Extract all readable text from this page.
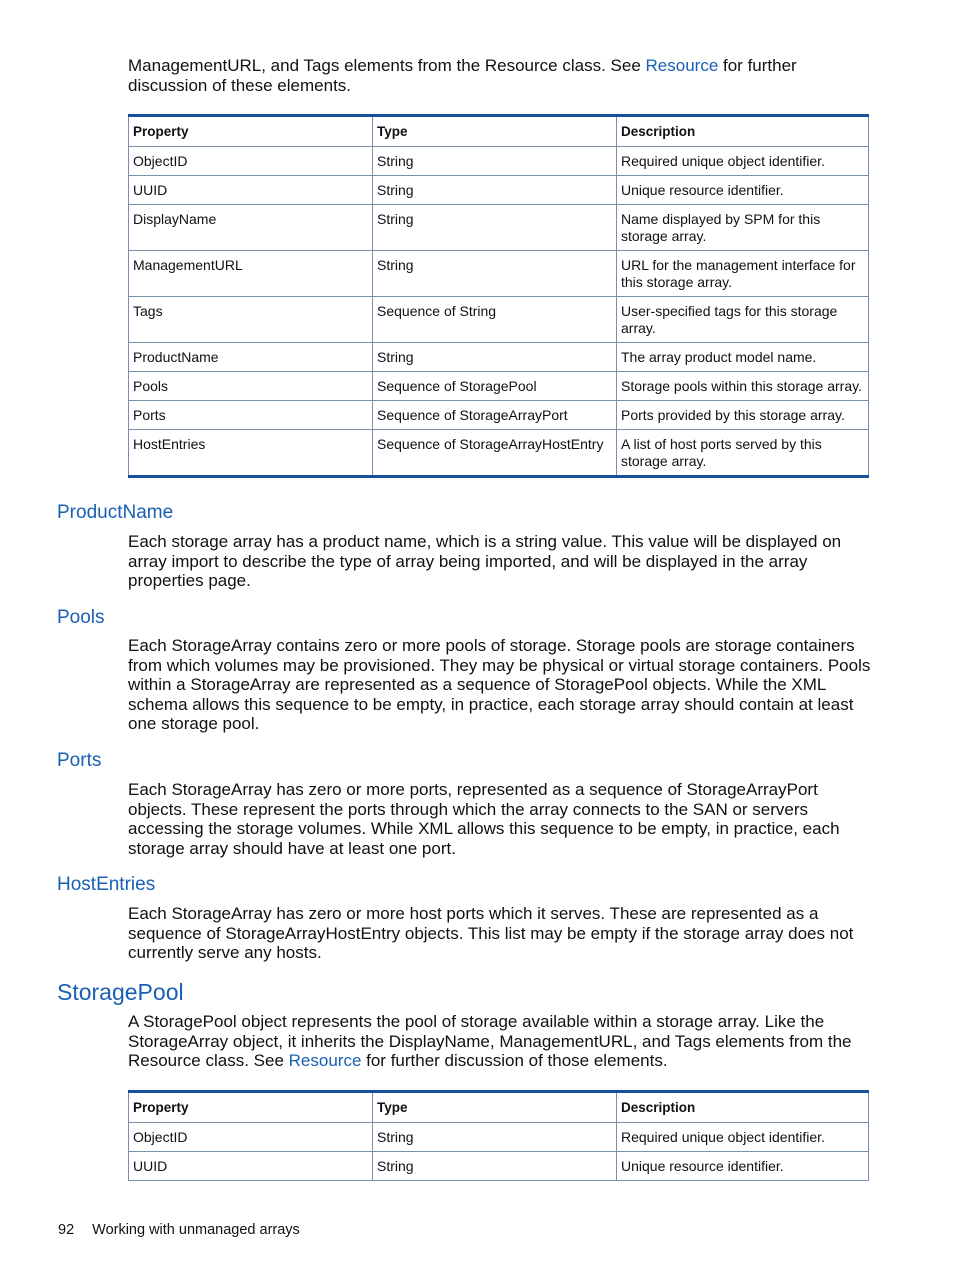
ManagementURL, and Tags elements from the Resource class. See Resource for further discussion of these elements.

Property	Type	Description
ObjectID	String	Required unique object identifier.
UUID	String	Unique resource identifier.
DisplayName	String	Name displayed by SPM for this storage array.
ManagementURL	String	URL for the management interface for this storage array.
Tags	Sequence of String	User-specified tags for this storage array.
ProductName	String	The array product model name.
Pools	Sequence of StoragePool	Storage pools within this storage array.
Ports	Sequence of StorageArrayPort	Ports provided by this storage array.
HostEntries	Sequence of StorageArrayHostEntry	A list of host ports served by this storage array.
ProductName

Each storage array has a product name, which is a string value. This value will be displayed on array import to describe the type of array being imported, and will be displayed in the array properties page.

Pools

Each StorageArray contains zero or more pools of storage. Storage pools are storage containers from which volumes may be provisioned. They may be physical or virtual storage containers. Pools within a StorageArray are represented as a sequence of StoragePool objects. While the XML schema allows this sequence to be empty, in practice, each storage array should contain at least one storage pool.

Ports

Each StorageArray has zero or more ports, represented as a sequence of StorageArrayPort objects. These represent the ports through which the array connects to the SAN or servers accessing the storage volumes. While XML allows this sequence to be empty, in practice, each storage array should have at least one port.

HostEntries

Each StorageArray has zero or more host ports which it serves. These are represented as a sequence of StorageArrayHostEntry objects. This list may be empty if the storage array does not currently serve any hosts.

StoragePool

A StoragePool object represents the pool of storage available within a storage array. Like the StorageArray object, it inherits the DisplayName, ManagementURL, and Tags elements from the Resource class. See Resource for further discussion of those elements.

Property	Type	Description
ObjectID	String	Required unique object identifier.
UUID	String	Unique resource identifier.
92 Working with unmanaged arrays
